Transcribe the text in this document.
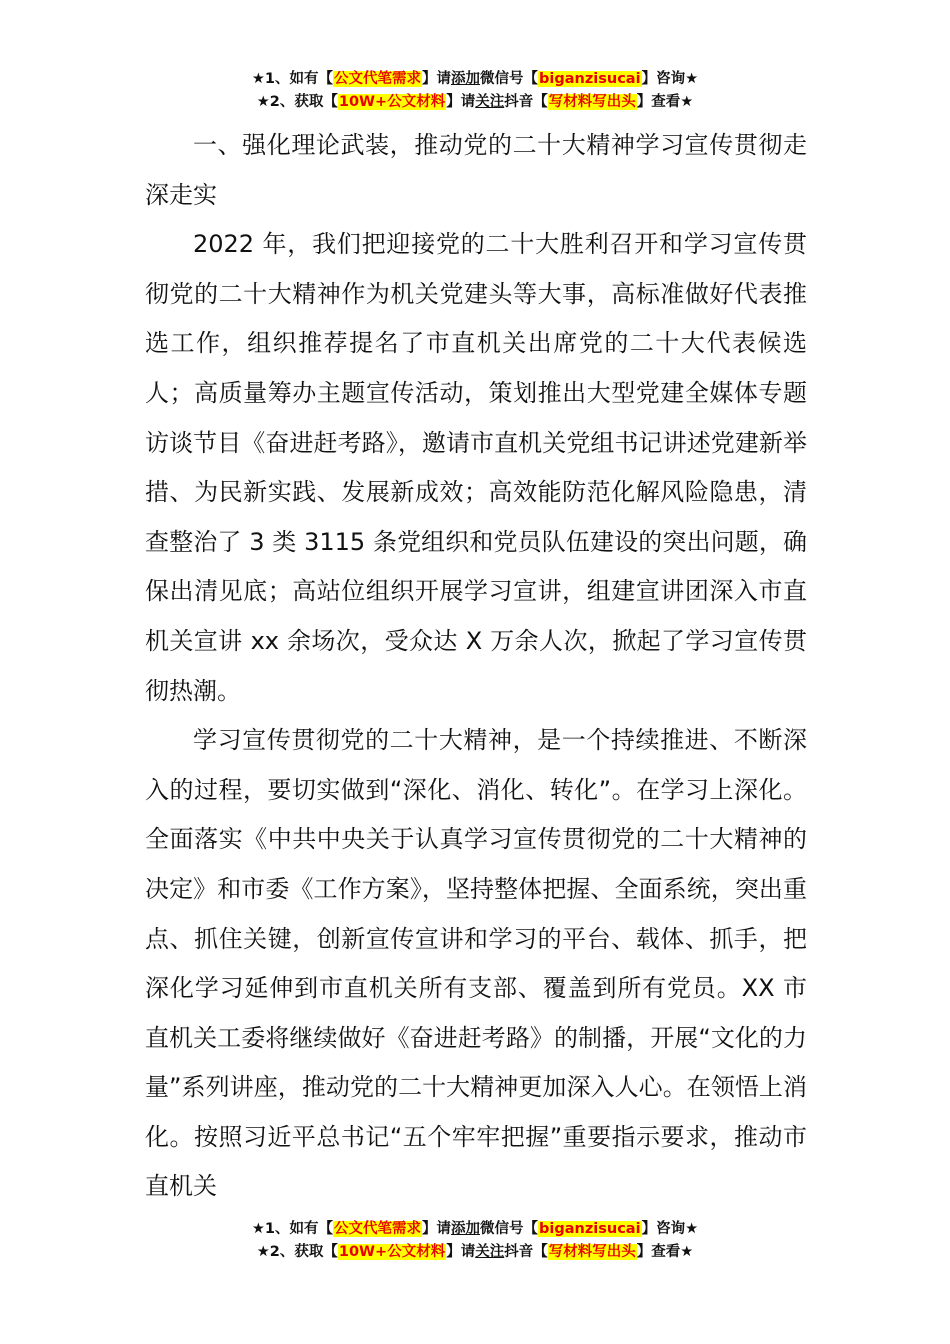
★1、如有【公文代笔需求】请添加微信号【biganzisucai】咨询★
★2、获取【10W+公文材料】请关注抖音【写材料写出头】查看★

一、强化理论武装，推动党的二十大精神学习宣传贯彻走深走实

2022 年，我们把迎接党的二十大胜利召开和学习宣传贯彻党的二十大精神作为机关党建头等大事，高标准做好代表推选工作，组织推荐提名了市直机关出席党的二十大代表候选人；高质量筹办主题宣传活动，策划推出大型党建全媒体专题访谈节目《奋进赶考路》，邀请市直机关党组书记讲述党建新举措、为民新实践、发展新成效；高效能防范化解风险隐患，清查整治了 3 类 3115 条党组织和党员队伍建设的突出问题，确保出清见底；高站位组织开展学习宣讲，组建宣讲团深入市直机关宣讲 xx 余场次，受众达 X 万余人次，掀起了学习宣传贯彻热潮。

学习宣传贯彻党的二十大精神，是一个持续推进、不断深入的过程，要切实做到“深化、消化、转化”。在学习上深化。全面落实《中共中央关于认真学习宣传贯彻党的二十大精神的决定》和市委《工作方案》，坚持整体把握、全面系统，突出重点、抓住关键，创新宣传宣讲和学习的平台、载体、抓手，把深化学习延伸到市直机关所有支部、覆盖到所有党员。XX 市直机关工委将继续做好《奋进赶考路》的制播，开展“文化的力量”系列讲座，推动党的二十大精神更加深入人心。在领悟上消化。按照习近平总书记“五个牢牢把握”重要指示要求，推动市直机关

★1、如有【公文代笔需求】请添加微信号【biganzisucai】咨询★
★2、获取【10W+公文材料】请关注抖音【写材料写出头】查看★
